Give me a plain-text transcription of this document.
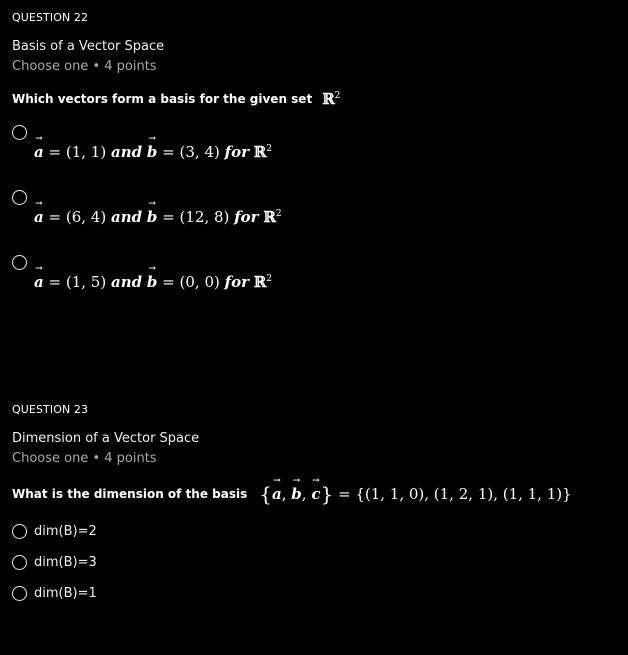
QUESTION 22
Basis of a Vector Space
Choose one • 4 points
Which vectors form a basis for the given set ℝ$^2$
→ a = (1, 1) and → b = (3, 4) for ℝ$^2$
→ a = (6, 4) and → b = (12, 8) for ℝ$^2$
→ a = (1, 5) and → b = (0, 0) for ℝ$^2$
QUESTION 23
Dimension of a Vector Space
Choose one • 4 points
What is the dimension of the basis {→ a, → b, → c} = {(1, 1, 0), (1, 2, 1), (1, 1, 1)}
dim(B)=2
dim(B)=3
dim(B)=1
